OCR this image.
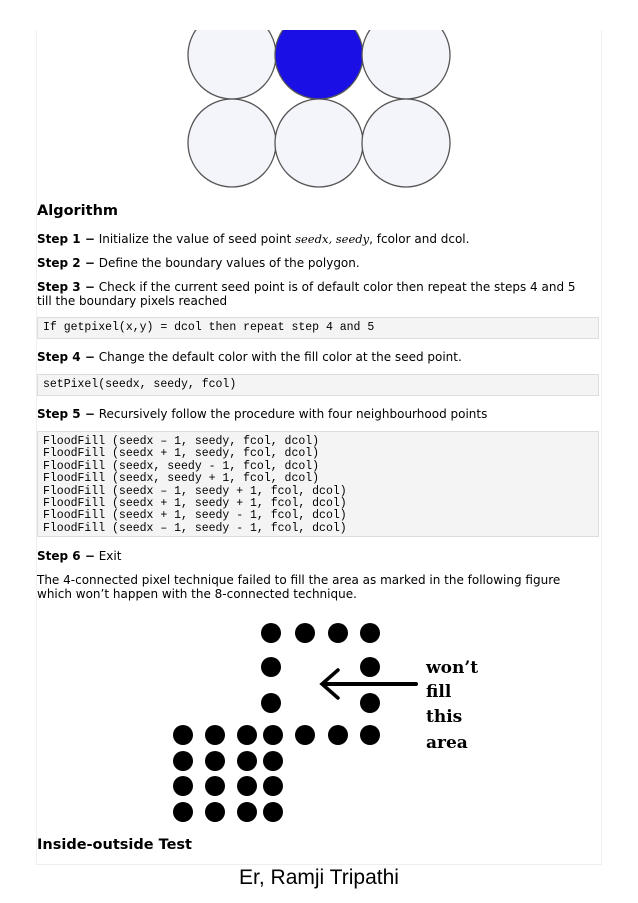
Algorithm
Step 1 − Initialize the value of seed point seedx, seedy, fcolor and dcol.
Step 2 − Define the boundary values of the polygon.
Step 3 − Check if the current seed point is of default color then repeat the steps 4 and 5 till the boundary pixels reached
If getpixel(x,y) = dcol then repeat step 4 and 5
Step 4 − Change the default color with the fill color at the seed point.
setPixel(seedx, seedy, fcol)
Step 5 − Recursively follow the procedure with four neighbourhood points
FloodFill (seedx – 1, seedy, fcol, dcol)
FloodFill (seedx + 1, seedy, fcol, dcol)
FloodFill (seedx, seedy - 1, fcol, dcol)
FloodFill (seedx, seedy + 1, fcol, dcol)
FloodFill (seedx – 1, seedy + 1, fcol, dcol)
FloodFill (seedx + 1, seedy + 1, fcol, dcol)
FloodFill (seedx + 1, seedy - 1, fcol, dcol)
FloodFill (seedx – 1, seedy - 1, fcol, dcol)
Step 6 − Exit
The 4-connected pixel technique failed to fill the area as marked in the following figure which won’t happen with the 8-connected technique.
won’t
fill
this
area
Inside-outside Test
Er, Ramji Tripathi
